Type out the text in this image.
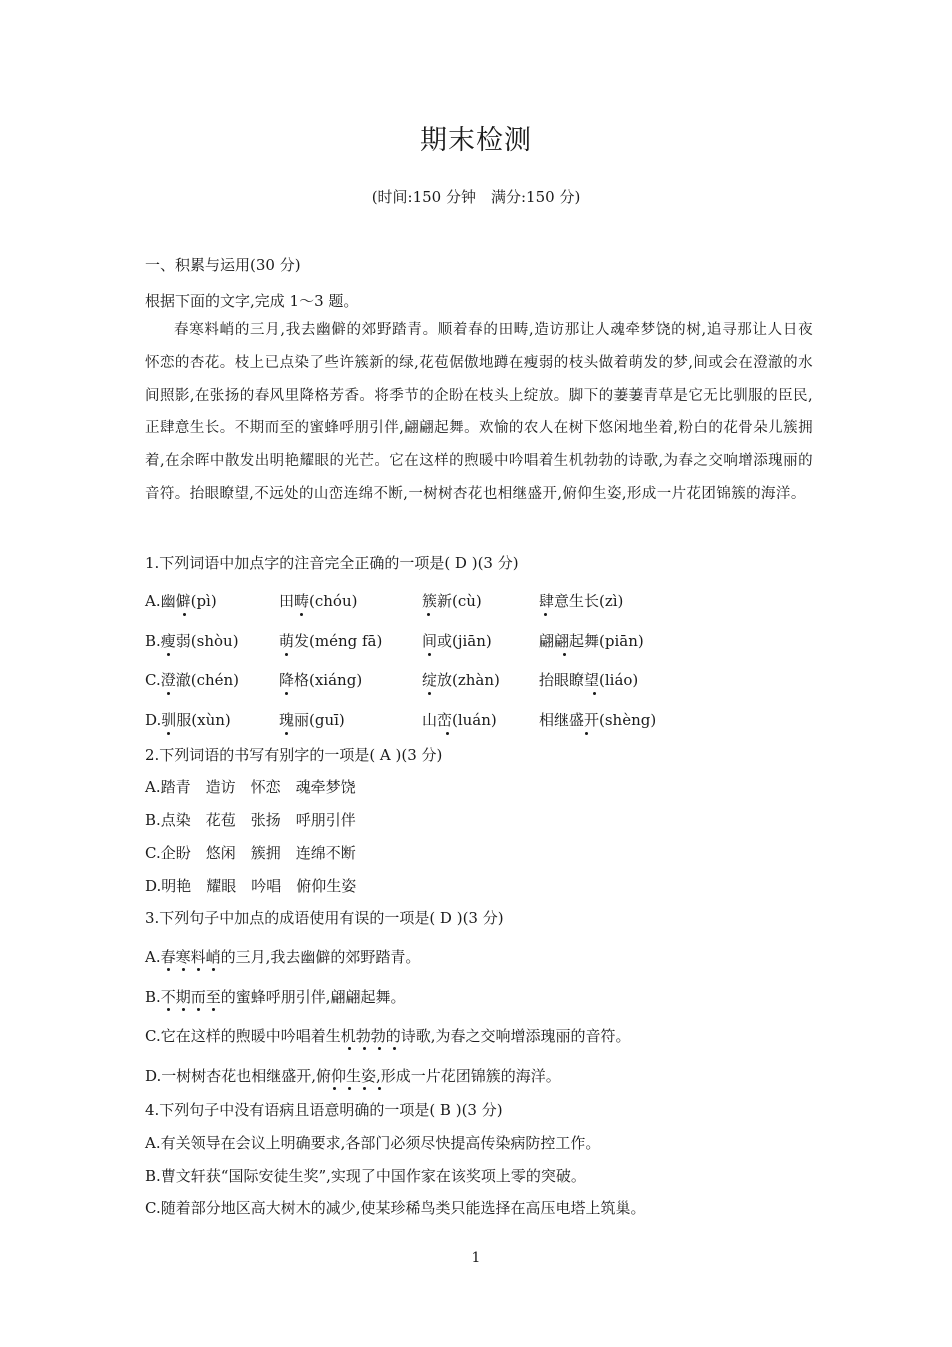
期末检测
(时间:150 分钟　满分:150 分)
一、积累与运用(30 分)
根据下面的文字,完成 1～3 题。
春寒料峭的三月,我去幽僻的郊野踏青。顺着春的田畴,造访那让人魂牵梦饶的树,追寻那让人日夜怀恋的杏花。枝上已点染了些许簇新的绿,花苞倨傲地蹲在瘦弱的枝头做着萌发的梦,间或会在澄澈的水间照影,在张扬的春风里降格芳香。将季节的企盼在枝头上绽放。脚下的萋萋青草是它无比驯服的臣民,正肆意生长。不期而至的蜜蜂呼朋引伴,翩翩起舞。欢愉的农人在树下悠闲地坐着,粉白的花骨朵儿簇拥着,在余晖中散发出明艳耀眼的光芒。它在这样的煦暖中吟唱着生机勃勃的诗歌,为春之交响增添瑰丽的音符。抬眼瞭望,不远处的山峦连绵不断,一树树杏花也相继盛开,俯仰生姿,形成一片花团锦簇的海洋。
1.下列词语中加点字的注音完全正确的一项是( D )(3 分)
A.幽僻(pì)	田畴(chóu)	簇新(cù)	肆意生长(zì)
B.瘦弱(shòu)	萌发(méng fā)	间或(jiān)	翩翩起舞(piān)
C.澄澈(chén)	降格(xiáng)	绽放(zhàn)	抬眼瞭望(liáo)
D.驯服(xùn)	瑰丽(guī)	山峦(luán)	相继盛开(shèng)
2.下列词语的书写有别字的一项是( A )(3 分)
A.踏青　造访　怀恋　魂牵梦饶
B.点染　花苞　张扬　呼朋引伴
C.企盼　悠闲　簇拥　连绵不断
D.明艳　耀眼　吟唱　俯仰生姿
3.下列句子中加点的成语使用有误的一项是( D )(3 分)
A.春寒料峭的三月,我去幽僻的郊野踏青。
B.不期而至的蜜蜂呼朋引伴,翩翩起舞。
C.它在这样的煦暖中吟唱着生机勃勃的诗歌,为春之交响增添瑰丽的音符。
D.一树树杏花也相继盛开,俯仰生姿,形成一片花团锦簇的海洋。
4.下列句子中没有语病且语意明确的一项是( B )(3 分)
A.有关领导在会议上明确要求,各部门必须尽快提高传染病防控工作。
B.曹文轩获“国际安徒生奖”,实现了中国作家在该奖项上零的突破。
C.随着部分地区高大树木的减少,使某珍稀鸟类只能选择在高压电塔上筑巢。
1
